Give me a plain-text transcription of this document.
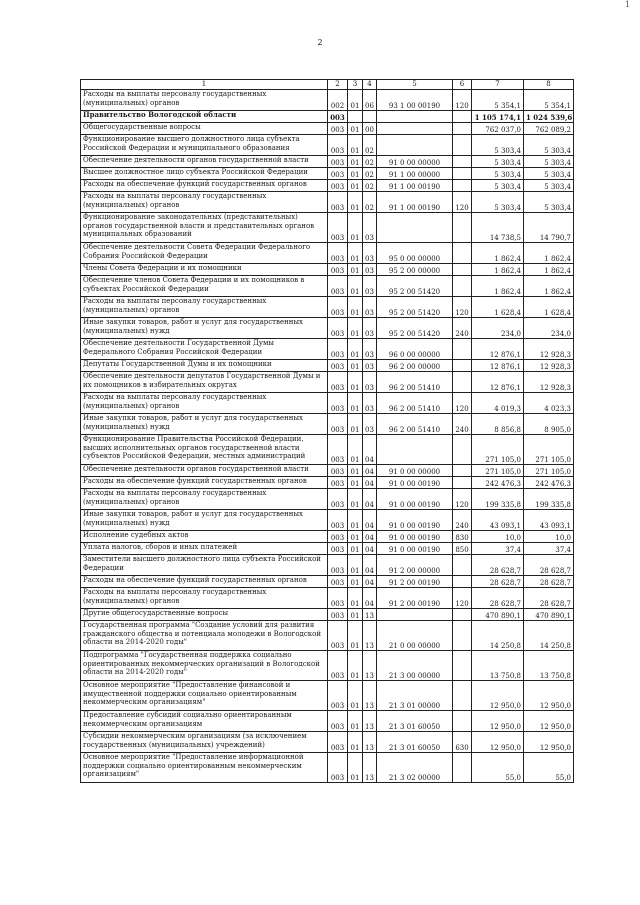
2
1
1	2	3	4	5	6	7	8
Расходы на выплаты персоналу государственных (муниципальных) органов	002	01	06	93 1 00 00190	120	5 354,1	5 354,1
Правительство Вологодской области	003					1 105 174,1	1 024 539,6
Общегосударственные вопросы	003	01	00			762 037,0	762 089,2
Функционирование высшего должностного лица субъекта Российской Федерации и муниципального образования	003	01	02			5 303,4	5 303,4
Обеспечение деятельности органов государственной власти	003	01	02	91 0 00 00000		5 303,4	5 303,4
Высшее должностное лицо субъекта Российской Федерации	003	01	02	91 1 00 00000		5 303,4	5 303,4
Расходы на обеспечение функций государственных органов	003	01	02	91 1 00 00190		5 303,4	5 303,4
Расходы на выплаты персоналу государственных (муниципальных) органов	003	01	02	91 1 00 00190	120	5 303,4	5 303,4
Функционирование законодательных (представительных) органов государственной власти и представительных органов муниципальных образований	003	01	03			14 738,5	14 790,7
Обеспечение деятельности Совета Федерации Федерального Собрания Российской Федерации	003	01	03	95 0 00 00000		1 862,4	1 862,4
Члены Совета Федерации и их помощники	003	01	03	95 2 00 00000		1 862,4	1 862,4
Обеспечение членов Совета Федерации и их помощников в субъектах Российской Федерации	003	01	03	95 2 00 51420		1 862,4	1 862,4
Расходы на выплаты персоналу государственных (муниципальных) органов	003	01	03	95 2 00 51420	120	1 628,4	1 628,4
Иные закупки товаров, работ и услуг для государственных (муниципальных) нужд	003	01	03	95 2 00 51420	240	234,0	234,0
Обеспечение деятельности Государственной Думы Федерального Собрания Российской Федерации	003	01	03	96 0 00 00000		12 876,1	12 928,3
Депутаты Государственной Думы и их помощники	003	01	03	96 2 00 00000		12 876,1	12 928,3
Обеспечение деятельности депутатов Государственной Думы и их помощников в избирательных округах	003	01	03	96 2 00 51410		12 876,1	12 928,3
Расходы на выплаты персоналу государственных (муниципальных) органов	003	01	03	96 2 00 51410	120	4 019,3	4 023,3
Иные закупки товаров, работ и услуг для государственных (муниципальных) нужд	003	01	03	96 2 00 51410	240	8 856,8	8 905,0
Функционирование Правительства Российской Федерации, высших исполнительных органов государственной власти субъектов Российской Федерации, местных администраций	003	01	04			271 105,0	271 105,0
Обеспечение деятельности органов государственной власти	003	01	04	91 0 00 00000		271 105,0	271 105,0
Расходы на обеспечение функций государственных органов	003	01	04	91 0 00 00190		242 476,3	242 476,3
Расходы на выплаты персоналу государственных (муниципальных) органов	003	01	04	91 0 00 00190	120	199 335,8	199 335,8
Иные закупки товаров, работ и услуг для государственных (муниципальных) нужд	003	01	04	91 0 00 00190	240	43 093,1	43 093,1
Исполнение судебных актов	003	01	04	91 0 00 00190	830	10,0	10,0
Уплата налогов, сборов и иных платежей	003	01	04	91 0 00 00190	850	37,4	37,4
Заместители высшего должностного лица субъекта Российской Федерации	003	01	04	91 2 00 00000		28 628,7	28 628,7
Расходы на обеспечение функций государственных органов	003	01	04	91 2 00 00190		28 628,7	28 628,7
Расходы на выплаты персоналу государственных (муниципальных) органов	003	01	04	91 2 00 00190	120	28 628,7	28 628,7
Другие общегосударственные вопросы	003	01	13			470 890,1	470 890,1
Государственная программа "Создание условий для развития гражданского общества и потенциала молодежи в Вологодской области на 2014-2020 годы"	003	01	13	21 0 00 00000		14 250,8	14 250,8
Подпрограмма "Государственная поддержка социально ориентированных некоммерческих организаций в Вологодской области на 2014-2020 годы"	003	01	13	21 3 00 00000		13 750,8	13 750,8
Основное мероприятие "Предоставление финансовой и имущественной поддержки социально ориентированным некоммерческим организациям"	003	01	13	21 3 01 00000		12 950,0	12 950,0
Предоставление субсидий социально ориентированным некоммерческим организациям	003	01	13	21 3 01 60050		12 950,0	12 950,0
Субсидии некоммерческим организациям (за исключением государственных (муниципальных) учреждений)	003	01	13	21 3 01 60050	630	12 950,0	12 950,0
Основное мероприятие "Предоставление информационной поддержки социально ориентированным некоммерческим организациям"	003	01	13	21 3 02 00000		55,0	55,0
